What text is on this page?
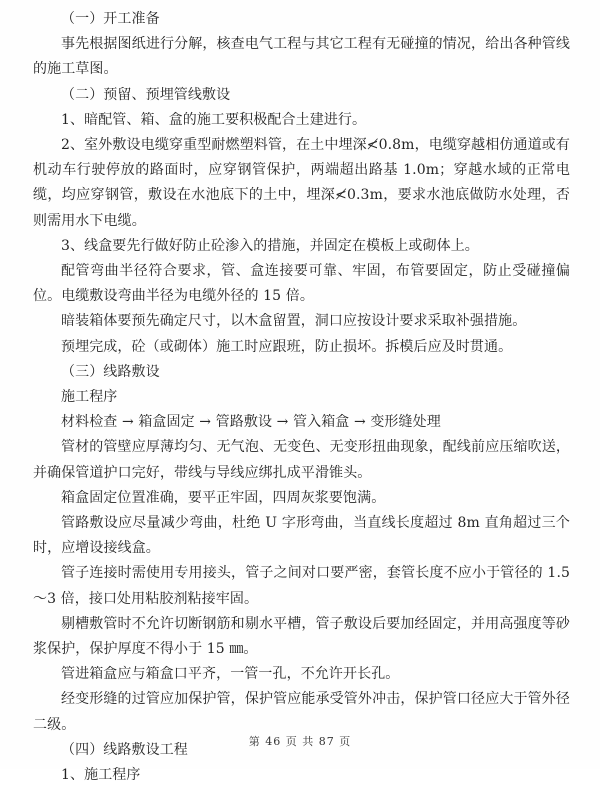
（一）开工准备

事先根据图纸进行分解，核查电气工程与其它工程有无碰撞的情况，给出各种管线的施工草图。

（二）预留、预埋管线敷设

1、暗配管、箱、盒的施工要积极配合土建进行。

2、室外敷设电缆穿重型耐燃塑料管，在土中埋深≮0.8m，电缆穿越相仿通道或有机动车行驶停放的路面时，应穿钢管保护，两端超出路基 1.0m；穿越水域的正常电缆，均应穿钢管，敷设在水池底下的土中，埋深≮0.3m，要求水池底做防水处理，否则需用水下电缆。

3、线盒要先行做好防止砼渗入的措施，并固定在模板上或砌体上。

配管弯曲半径符合要求，管、盒连接要可靠、牢固，布管要固定，防止受碰撞偏位。电缆敷设弯曲半径为电缆外径的 15 倍。

暗装箱体要预先确定尺寸，以木盒留置，洞口应按设计要求采取补强措施。

预埋完成，砼（或砌体）施工时应跟班，防止损坏。拆模后应及时贯通。

（三）线路敷设

施工程序

材料检查 → 箱盒固定 → 管路敷设 → 管入箱盒 → 变形缝处理

管材的管壁应厚薄均匀、无气泡、无变色、无变形扭曲现象，配线前应压缩吹送，并确保管道护口完好，带线与导线应绑扎成平滑锥头。

箱盒固定位置准确，要平正牢固，四周灰浆要饱满。

管路敷设应尽量减少弯曲，杜绝 U 字形弯曲，当直线长度超过 8m 直角超过三个时，应增设接线盒。

管子连接时需使用专用接头，管子之间对口要严密，套管长度不应小于管径的 1.5～3 倍，接口处用粘胶剂粘接牢固。

剔槽敷管时不允许切断钢筋和剔水平槽，管子敷设后要加经固定，并用高强度等砂浆保护，保护厚度不得小于 15 ㎜。

管进箱盒应与箱盒口平齐，一管一孔，不允许开长孔。

经变形缝的过管应加保护管，保护管应能承受管外冲击，保护管口径应大于管外径二级。

（四）线路敷设工程

1、施工程序

第 46 页 共 87 页
